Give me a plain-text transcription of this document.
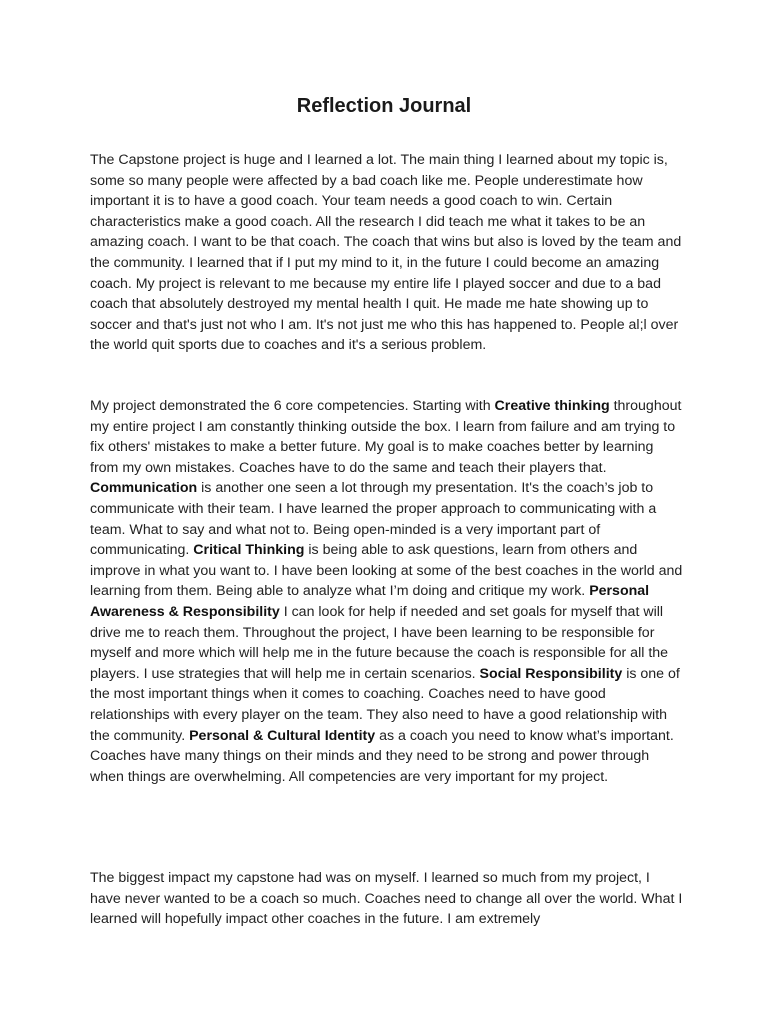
Reflection Journal

The Capstone project is huge and I learned a lot. The main thing I learned about my topic is, some so many people were affected by a bad coach like me. People underestimate how important it is to have a good coach. Your team needs a good coach to win. Certain characteristics make a good coach. All the research I did teach me what it takes to be an amazing coach. I want to be that coach. The coach that wins but also is loved by the team and the community. I learned that if I put my mind to it, in the future I could become an amazing coach. My project is relevant to me because my entire life I played soccer and due to a bad coach that absolutely destroyed my mental health I quit. He made me hate showing up to soccer and that's just not who I am. It's not just me who this has happened to. People al;l over the world quit sports due to coaches and it's a serious problem.

My project demonstrated the 6 core competencies. Starting with Creative thinking throughout my entire project I am constantly thinking outside the box. I learn from failure and am trying to fix others' mistakes to make a better future. My goal is to make coaches better by learning from my own mistakes. Coaches have to do the same and teach their players that. Communication is another one seen a lot through my presentation. It's the coach’s job to communicate with their team. I have learned the proper approach to communicating with a team. What to say and what not to. Being open-minded is a very important part of communicating. Critical Thinking is being able to ask questions, learn from others and improve in what you want to. I have been looking at some of the best coaches in the world and learning from them. Being able to analyze what I’m doing and critique my work. Personal Awareness & Responsibility I can look for help if needed and set goals for myself that will drive me to reach them. Throughout the project, I have been learning to be responsible for myself and more which will help me in the future because the coach is responsible for all the players. I use strategies that will help me in certain scenarios. Social Responsibility is one of the most important things when it comes to coaching. Coaches need to have good relationships with every player on the team. They also need to have a good relationship with the community. Personal & Cultural Identity as a coach you need to know what’s important. Coaches have many things on their minds and they need to be strong and power through when things are overwhelming. All competencies are very important for my project.

The biggest impact my capstone had was on myself. I learned so much from my project, I have never wanted to be a coach so much. Coaches need to change all over the world. What I learned will hopefully impact other coaches in the future. I am extremely
